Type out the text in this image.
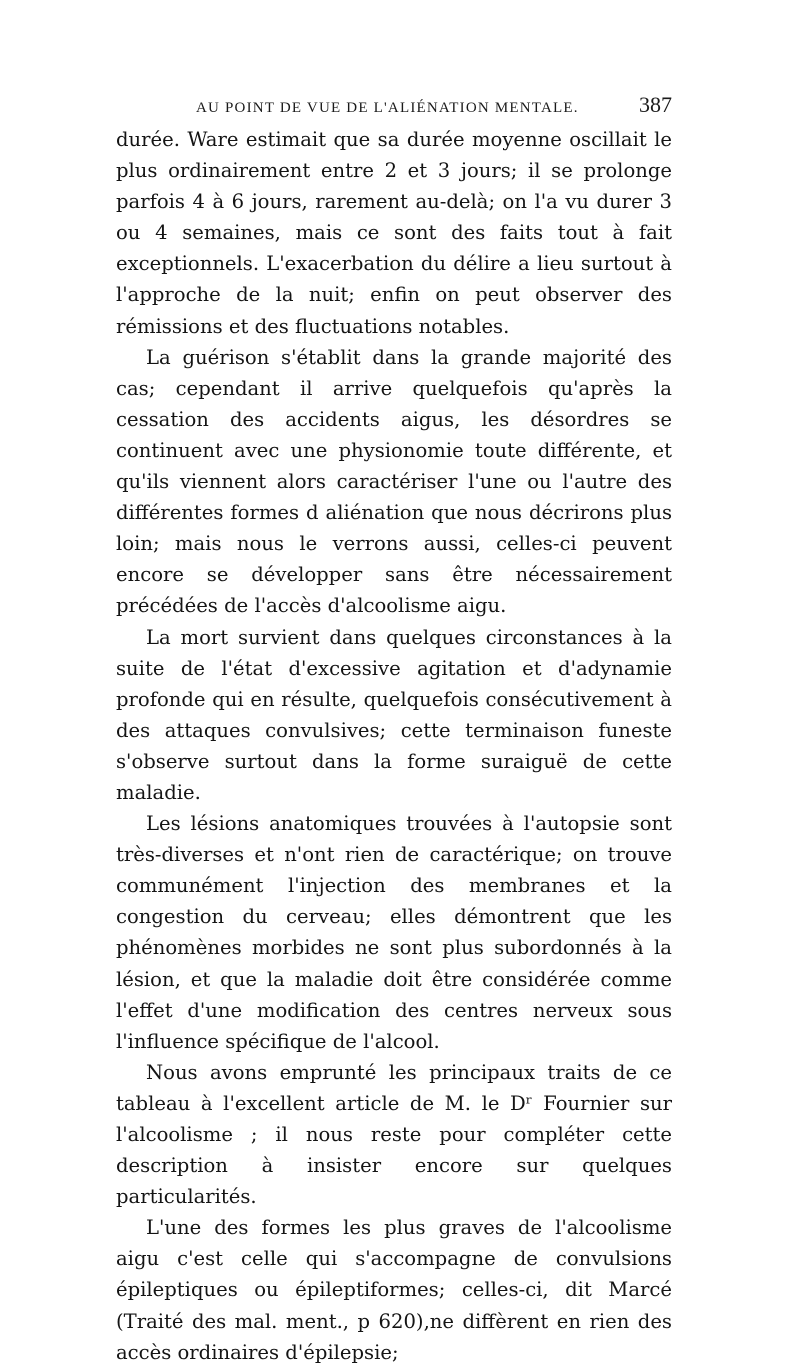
AU POINT DE VUE DE L'ALIÉNATION MENTALE.	387

durée. Ware estimait que sa durée moyenne oscillait le plus ordinairement entre 2 et 3 jours; il se prolonge parfois 4 à 6 jours, rarement au-delà; on l'a vu durer 3 ou 4 semaines, mais ce sont des faits tout à fait exceptionnels. L'exacerbation du délire a lieu surtout à l'approche de la nuit; enfin on peut observer des rémissions et des fluctuations notables.

La guérison s'établit dans la grande majorité des cas; cependant il arrive quelquefois qu'après la cessation des accidents aigus, les désordres se continuent avec une physionomie toute différente, et qu'ils viennent alors caractériser l'une ou l'autre des différentes formes d aliénation que nous décrirons plus loin; mais nous le verrons aussi, celles-ci peuvent encore se développer sans être nécessairement précédées de l'accès d'alcoolisme aigu.

La mort survient dans quelques circonstances à la suite de l'état d'excessive agitation et d'adynamie profonde qui en résulte, quelquefois consécutivement à des attaques convulsives; cette terminaison funeste s'observe surtout dans la forme suraiguë de cette maladie.

Les lésions anatomiques trouvées à l'autopsie sont très-diverses et n'ont rien de caractérique; on trouve communément l'injection des membranes et la congestion du cerveau; elles démontrent que les phénomènes morbides ne sont plus subordonnés à la lésion, et que la maladie doit être considérée comme l'effet d'une modification des centres nerveux sous l'influence spécifique de l'alcool.

Nous avons emprunté les principaux traits de ce tableau à l'excellent article de M. le Dʳ Fournier sur l'alcoolisme ; il nous reste pour compléter cette description à insister encore sur quelques particularités.

L'une des formes les plus graves de l'alcoolisme aigu c'est celle qui s'accompagne de convulsions épileptiques ou épileptiformes; celles-ci, dit Marcé (Traité des mal. ment., p 620),ne diffèrent en rien des accès ordinaires d'épilepsie;
